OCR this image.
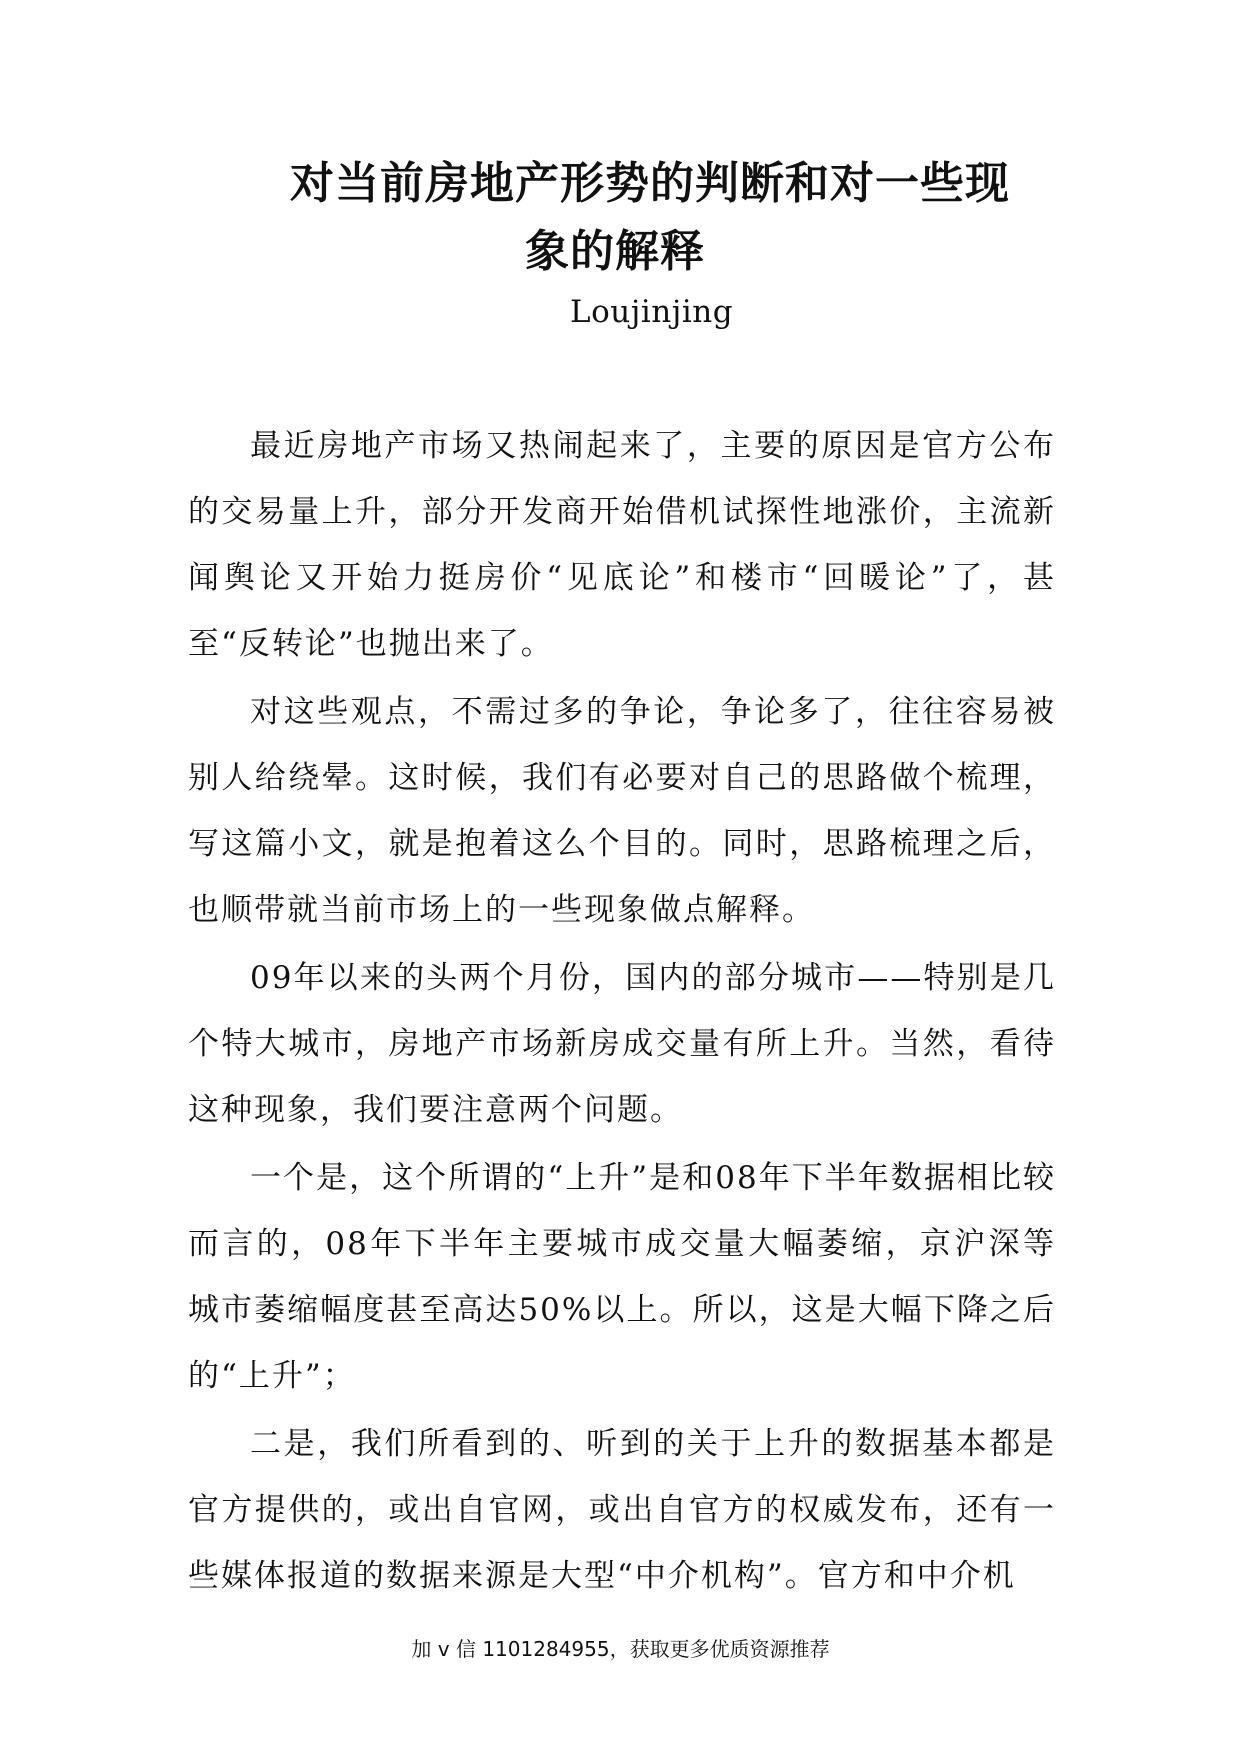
对当前房地产形势的判断和对一些现
象的解释
Loujinjing

最近房地产市场又热闹起来了，主要的原因是官方公布的交易量上升，部分开发商开始借机试探性地涨价，主流新闻舆论又开始力挺房价“见底论”和楼市“回暖论”了，甚至“反转论”也抛出来了。

对这些观点，不需过多的争论，争论多了，往往容易被别人给绕晕。这时候，我们有必要对自己的思路做个梳理，写这篇小文，就是抱着这么个目的。同时，思路梳理之后，也顺带就当前市场上的一些现象做点解释。

09年以来的头两个月份，国内的部分城市——特别是几个特大城市，房地产市场新房成交量有所上升。当然，看待这种现象，我们要注意两个问题。

一个是，这个所谓的“上升”是和08年下半年数据相比较而言的，08年下半年主要城市成交量大幅萎缩，京沪深等城市萎缩幅度甚至高达50%以上。所以，这是大幅下降之后的“上升”；

二是，我们所看到的、听到的关于上升的数据基本都是官方提供的，或出自官网，或出自官方的权威发布，还有一些媒体报道的数据来源是大型“中介机构”。官方和中介机

加 v 信 1101284955，获取更多优质资源推荐
